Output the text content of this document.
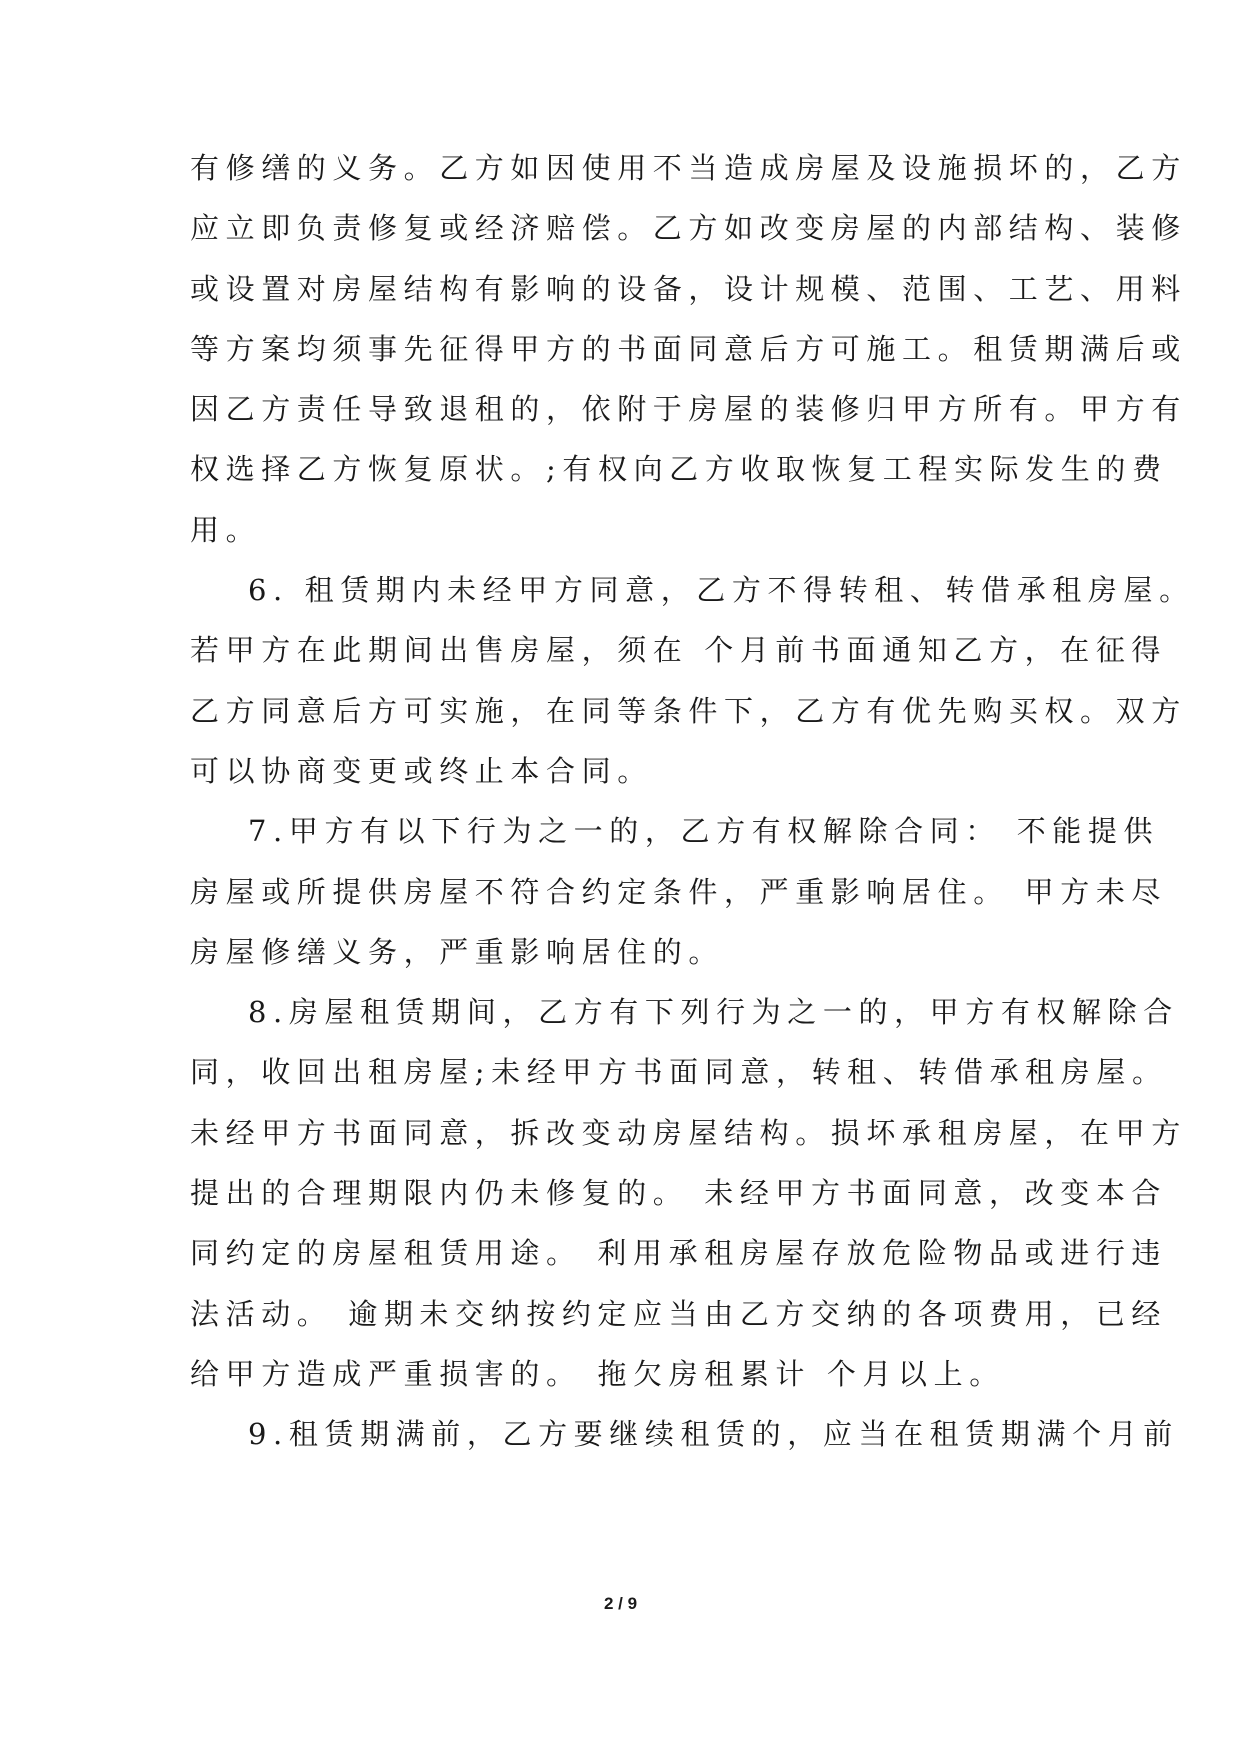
有修缮的义务。乙方如因使用不当造成房屋及设施损坏的，乙方
应立即负责修复或经济赔偿。乙方如改变房屋的内部结构、装修
或设置对房屋结构有影响的设备，设计规模、范围、工艺、用料
等方案均须事先征得甲方的书面同意后方可施工。租赁期满后或
因乙方责任导致退租的，依附于房屋的装修归甲方所有。甲方有
权选择乙方恢复原状。;有权向乙方收取恢复工程实际发生的费
用。
6. 租赁期内未经甲方同意，乙方不得转租、转借承租房屋。
若甲方在此期间出售房屋，须在 个月前书面通知乙方，在征得
乙方同意后方可实施，在同等条件下，乙方有优先购买权。双方
可以协商变更或终止本合同。
7.甲方有以下行为之一的，乙方有权解除合同： 不能提供
房屋或所提供房屋不符合约定条件，严重影响居住。 甲方未尽
房屋修缮义务，严重影响居住的。
8.房屋租赁期间，乙方有下列行为之一的，甲方有权解除合
同，收回出租房屋;未经甲方书面同意，转租、转借承租房屋。
未经甲方书面同意，拆改变动房屋结构。损坏承租房屋，在甲方
提出的合理期限内仍未修复的。 未经甲方书面同意，改变本合
同约定的房屋租赁用途。 利用承租房屋存放危险物品或进行违
法活动。 逾期未交纳按约定应当由乙方交纳的各项费用，已经
给甲方造成严重损害的。 拖欠房租累计 个月以上。
9.租赁期满前，乙方要继续租赁的，应当在租赁期满个月前
2 / 9
